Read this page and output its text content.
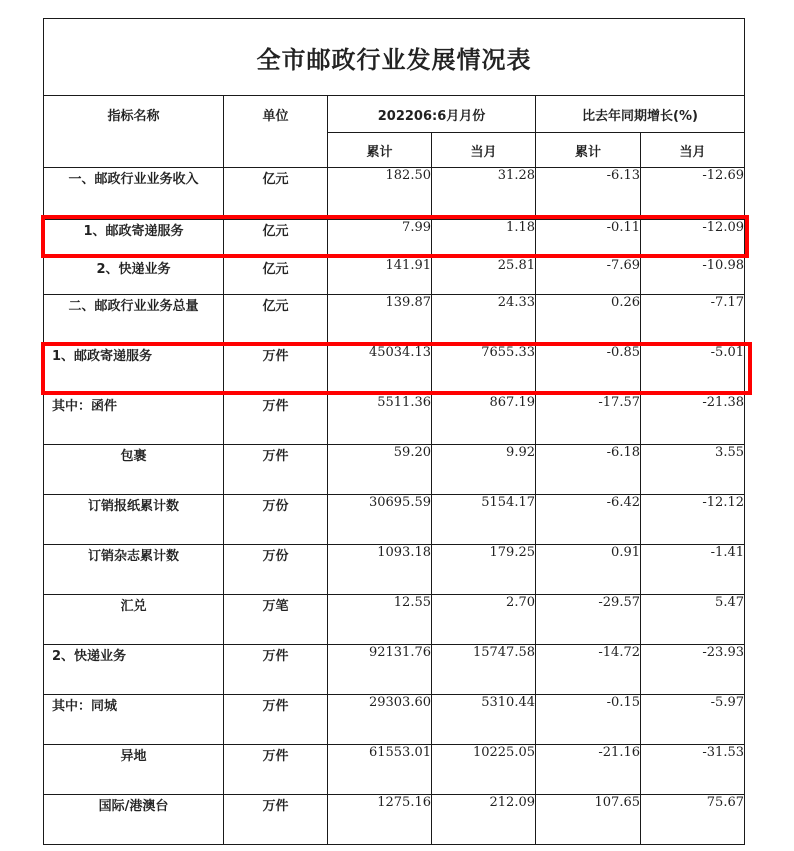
全市邮政行业发展情况表					
指标名称	单位	202206:6月月份		比去年同期增长(%)	
		累计	当月	累计	当月
一、邮政行业业务收入	亿元	182.50	31.28	-6.13	-12.69
1、邮政寄递服务	亿元	7.99	1.18	-0.11	-12.09
2、快递业务	亿元	141.91	25.81	-7.69	-10.98
二、邮政行业业务总量	亿元	139.87	24.33	0.26	-7.17
1、邮政寄递服务	万件	45034.13	7655.33	-0.85	-5.01
其中：函件	万件	5511.36	867.19	-17.57	-21.38
包裹	万件	59.20	9.92	-6.18	3.55
订销报纸累计数	万份	30695.59	5154.17	-6.42	-12.12
订销杂志累计数	万份	1093.18	179.25	0.91	-1.41
汇兑	万笔	12.55	2.70	-29.57	5.47
2、快递业务	万件	92131.76	15747.58	-14.72	-23.93
其中：同城	万件	29303.60	5310.44	-0.15	-5.97
异地	万件	61553.01	10225.05	-21.16	-31.53
国际/港澳台	万件	1275.16	212.09	107.65	75.67
